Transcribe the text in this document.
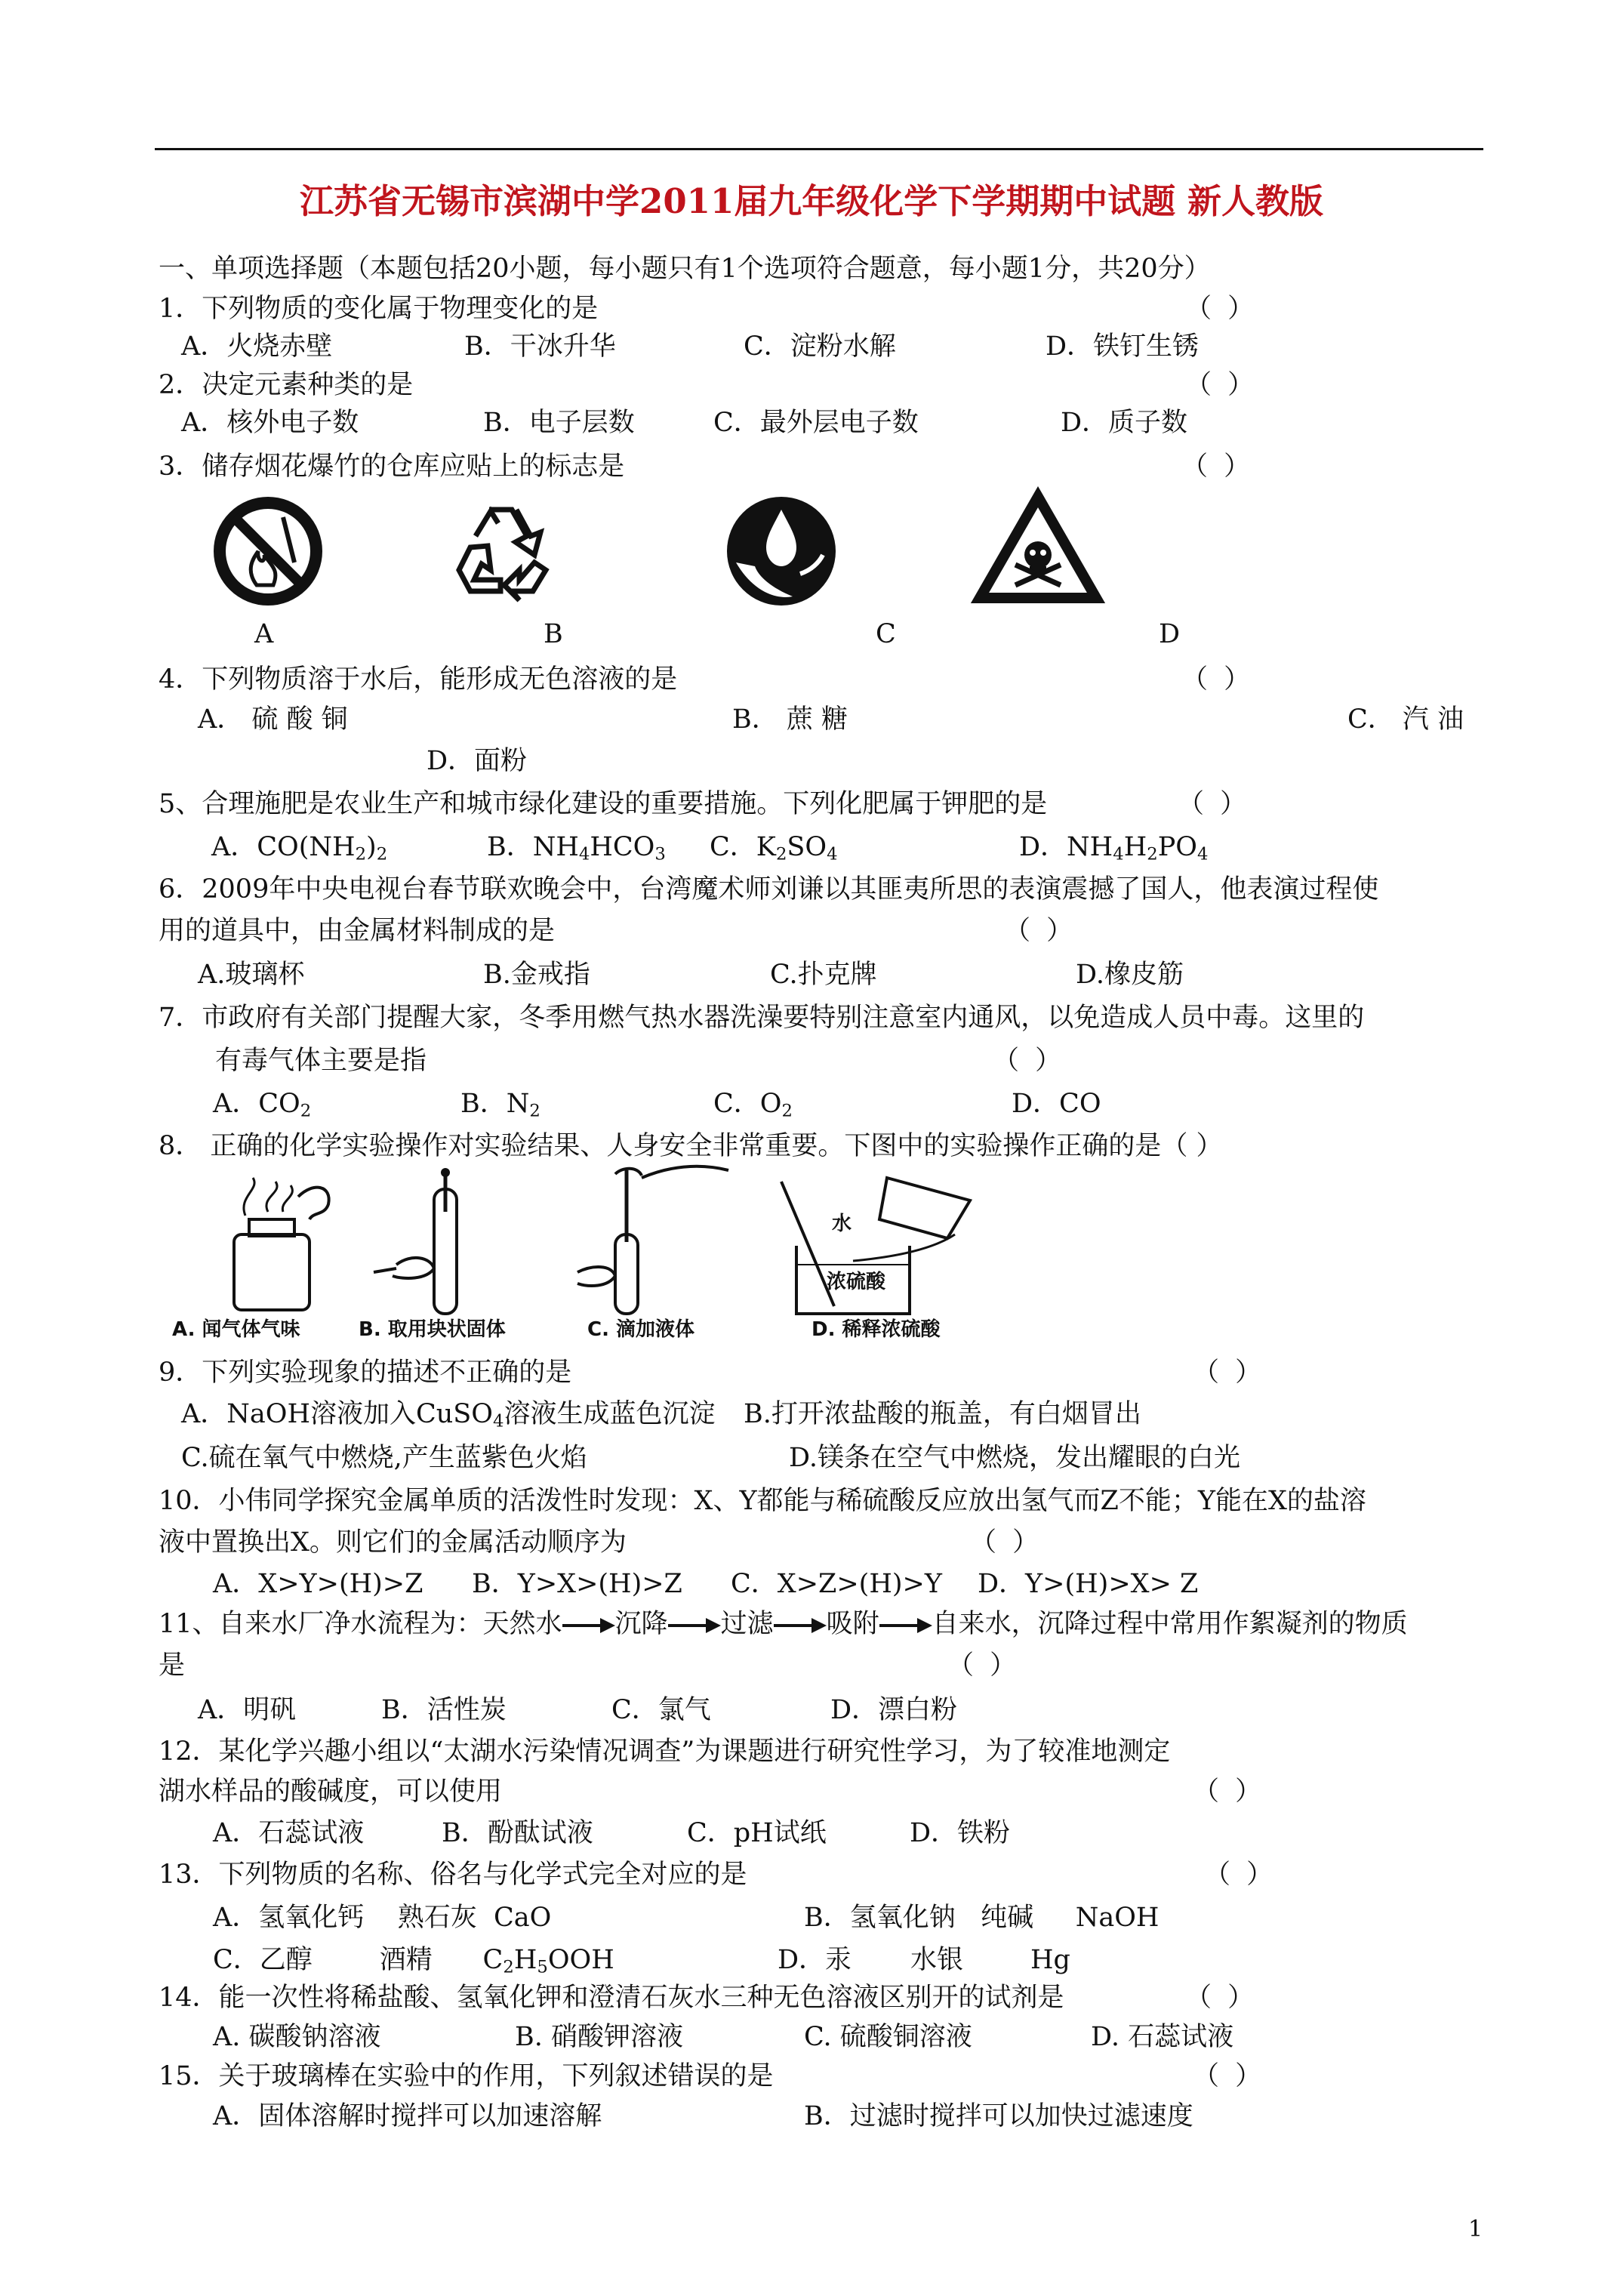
江苏省无锡市滨湖中学2011届九年级化学下学期期中试题 新人教版
一、单项选择题（本题包括20小题，每小题只有1个选项符合题意，每小题1分，共20分）
1．下列物质的变化属于物理变化的是	（ ）
A．火烧赤壁	B．干冰升华	C．淀粉水解	D．铁钉生锈
2．决定元素种类的是	（ ）
A．核外电子数	B．电子层数	C．最外层电子数	D．质子数
3．储存烟花爆竹的仓库应贴上的标志是	（ ）
A	B	C	D
4．下列物质溶于水后，能形成无色溶液的是	（ ）
A． 硫 酸 铜	B． 蔗 糖	C． 汽 油
D．面粉
5、合理施肥是农业生产和城市绿化建设的重要措施。下列化肥属于钾肥的是	（ ）
A．$CO(NH_2)_2$	B．$NH_4HCO_3$ C．$K_2SO_4$	D．$NH_4H_2PO_4$
6．2009年中央电视台春节联欢晚会中，台湾魔术师刘谦以其匪夷所思的表演震撼了国人，他表演过程使
用的道具中，由金属材料制成的是	（ ）
A.玻璃杯	B.金戒指	C.扑克牌	D.橡皮筋
7．市政府有关部门提醒大家，冬季用燃气热水器洗澡要特别注意室内通风，以免造成人员中毒。这里的
有毒气体主要是指	（ ）
A．$CO_2$	B．$N_2$	C．$O_2$	D．CO
8． 正确的化学实验操作对实验结果、人身安全非常重要。下图中的实验操作正确的是（ ）
水
浓硫酸
A. 闻气体气味	B. 取用块状固体	C. 滴加液体	D. 稀释浓硫酸
9．下列实验现象的描述不正确的是	（ ）
A．NaOH溶液加入CuSO$_4$溶液生成蓝色沉淀 B.打开浓盐酸的瓶盖，有白烟冒出
C.硫在氧气中燃烧,产生蓝紫色火焰	D.镁条在空气中燃烧，发出耀眼的白光
10．小伟同学探究金属单质的活泼性时发现：X、Y都能与稀硫酸反应放出氢气而Z不能；Y能在X的盐溶
液中置换出X。则它们的金属活动顺序为	（ ）
A．X>Y>(H)>Z B．Y>X>(H)>Z C．X>Z>(H)>Y D．Y>(H)>X> Z
11、自来水厂净水流程为：天然水 沉降 过滤 吸附 自来水，沉降过程中常用作絮凝剂的物质
是	（ ）
A．明矾	B．活性炭	C．氯气	D．漂白粉
12．某化学兴趣小组以“太湖水污染情况调查”为课题进行研究性学习，为了较准地测定
湖水样品的酸碱度，可以使用	（ ）
A．石蕊试液	B．酚酞试液	C．pH试纸	D．铁粉
13．下列物质的名称、俗名与化学式完全对应的是	（ ）
A．氢氧化钙    熟石灰  CaO	B．氢氧化钠   纯碱     NaOH
C．乙醇        酒精      $C_2H_5OOH$	D．汞       水银        Hg
14．能一次性将稀盐酸、氢氧化钾和澄清石灰水三种无色溶液区别开的试剂是	（ ）
A. 碳酸钠溶液	B. 硝酸钾溶液	C. 硫酸铜溶液	D. 石蕊试液
15．关于玻璃棒在实验中的作用，下列叙述错误的是	（ ）
A．固体溶解时搅拌可以加速溶解	B．过滤时搅拌可以加快过滤速度
1
